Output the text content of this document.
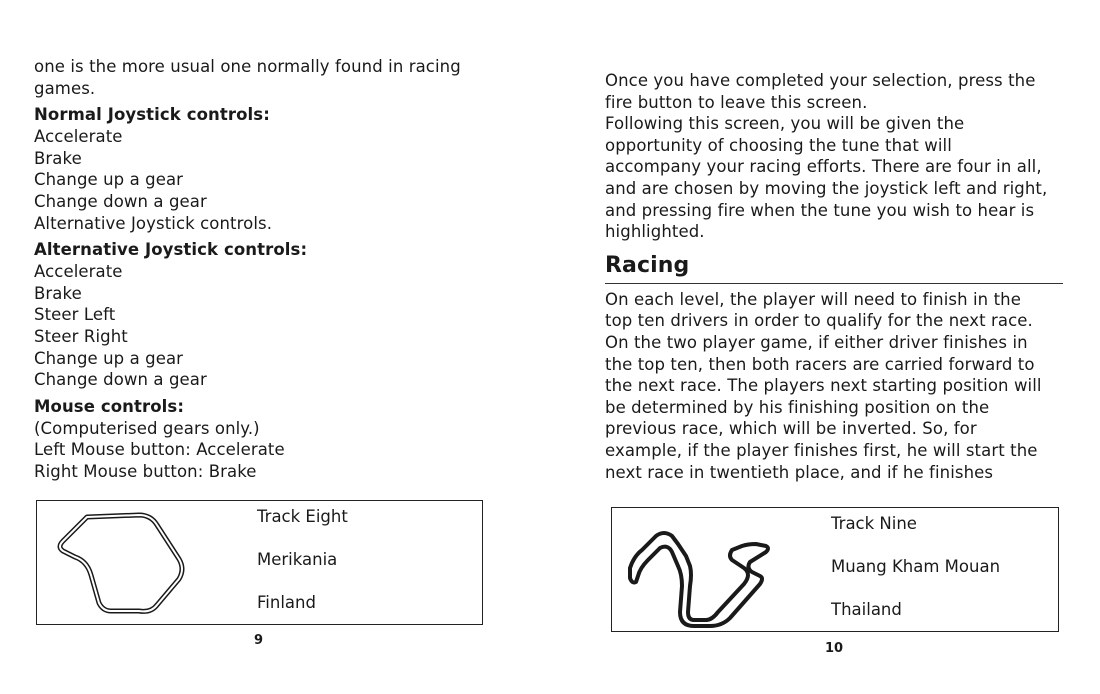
one is the more usual one normally found in racing
games.
Normal Joystick controls:
Accelerate
Brake
Change up a gear
Change down a gear
Alternative Joystick controls.
Alternative Joystick controls:
Accelerate
Brake
Steer Left
Steer Right
Change up a gear
Change down a gear
Mouse controls:
(Computerised gears only.)
Left Mouse button: Accelerate
Right Mouse button: Brake
Track Eight
Merikania
Finland
9
Once you have completed your selection, press the
fire button to leave this screen.
Following this screen, you will be given the
opportunity of choosing the tune that will
accompany your racing efforts. There are four in all,
and are chosen by moving the joystick left and right,
and pressing fire when the tune you wish to hear is
highlighted.
Racing
On each level, the player will need to finish in the
top ten drivers in order to qualify for the next race.
On the two player game, if either driver finishes in
the top ten, then both racers are carried forward to
the next race. The players next starting position will
be determined by his finishing position on the
previous race, which will be inverted. So, for
example, if the player finishes first, he will start the
next race in twentieth place, and if he finishes
Track Nine
Muang Kham Mouan
Thailand
10
